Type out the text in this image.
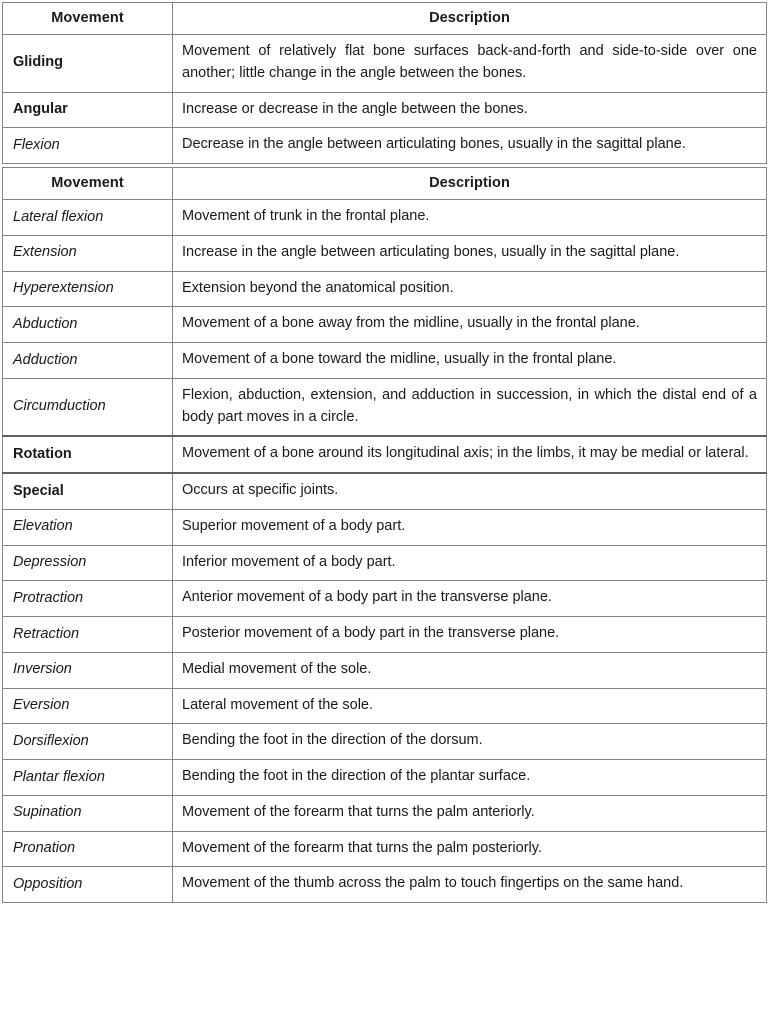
Movement	Description
Gliding	Movement of relatively flat bone surfaces back-and-forth and side-to-side over one another; little change in the angle between the bones.
Angular	Increase or decrease in the angle between the bones.
Flexion	Decrease in the angle between articulating bones, usually in the sagittal plane.
Movement	Description
Lateral flexion	Movement of trunk in the frontal plane.
Extension	Increase in the angle between articulating bones, usually in the sagittal plane.
Hyperextension	Extension beyond the anatomical position.
Abduction	Movement of a bone away from the midline, usually in the frontal plane.
Adduction	Movement of a bone toward the midline, usually in the frontal plane.
Circumduction	Flexion, abduction, extension, and adduction in succession, in which the distal end of a body part moves in a circle.
Rotation	Movement of a bone around its longitudinal axis; in the limbs, it may be medial or lateral.
Special	Occurs at specific joints.
Elevation	Superior movement of a body part.
Depression	Inferior movement of a body part.
Protraction	Anterior movement of a body part in the transverse plane.
Retraction	Posterior movement of a body part in the transverse plane.
Inversion	Medial movement of the sole.
Eversion	Lateral movement of the sole.
Dorsiflexion	Bending the foot in the direction of the dorsum.
Plantar flexion	Bending the foot in the direction of the plantar surface.
Supination	Movement of the forearm that turns the palm anteriorly.
Pronation	Movement of the forearm that turns the palm posteriorly.
Opposition	Movement of the thumb across the palm to touch fingertips on the same hand.
